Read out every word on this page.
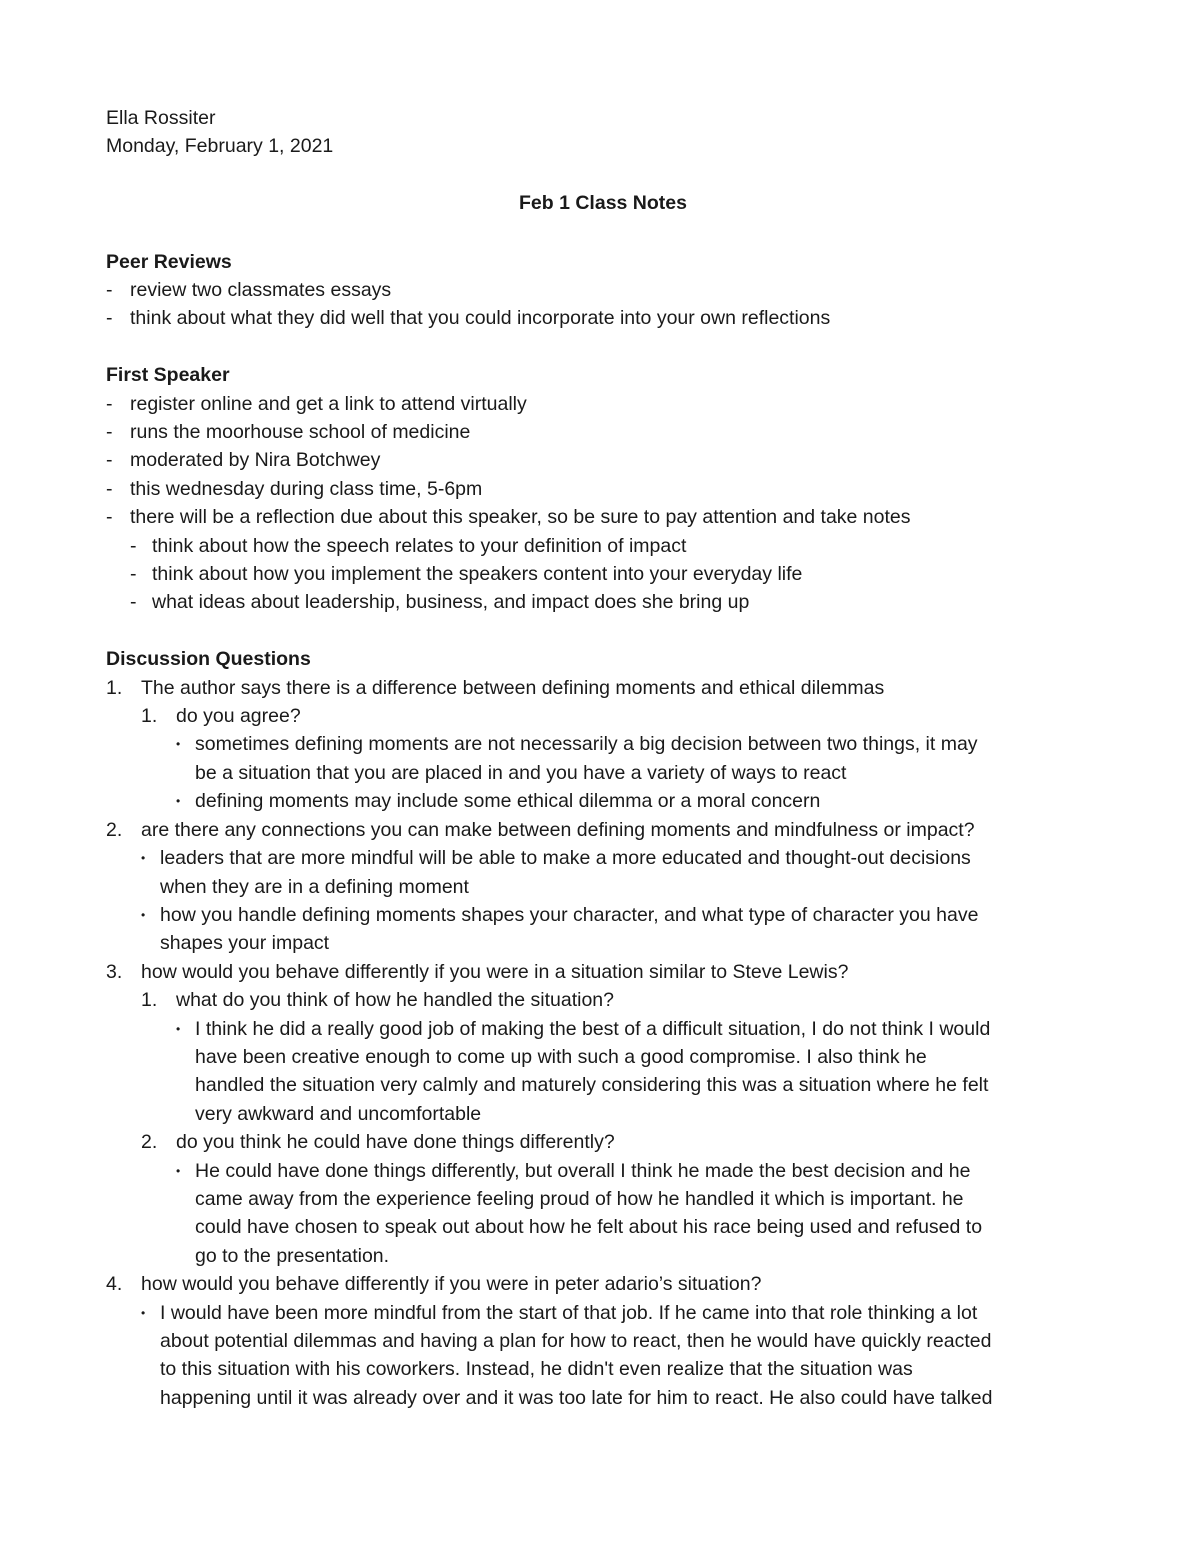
Ella Rossiter
Monday, February 1, 2021
Feb 1 Class Notes
Peer Reviews
- review two classmates essays
- think about what they did well that you could incorporate into your own reflections
First Speaker
- register online and get a link to attend virtually
- runs the moorhouse school of medicine
- moderated by Nira Botchwey
- this wednesday during class time, 5-6pm
- there will be a reflection due about this speaker, so be sure to pay attention and take notes
- think about how the speech relates to your definition of impact
- think about how you implement the speakers content into your everyday life
- what ideas about leadership, business, and impact does she bring up
Discussion Questions
1. The author says there is a difference between defining moments and ethical dilemmas
1. do you agree?
• sometimes defining moments are not necessarily a big decision between two things, it may
be a situation that you are placed in and you have a variety of ways to react
• defining moments may include some ethical dilemma or a moral concern
2. are there any connections you can make between defining moments and mindfulness or impact?
• leaders that are more mindful will be able to make a more educated and thought-out decisions
when they are in a defining moment
• how you handle defining moments shapes your character, and what type of character you have
shapes your impact
3. how would you behave differently if you were in a situation similar to Steve Lewis?
1. what do you think of how he handled the situation?
• I think he did a really good job of making the best of a difficult situation, I do not think I would
have been creative enough to come up with such a good compromise. I also think he
handled the situation very calmly and maturely considering this was a situation where he felt
very awkward and uncomfortable
2. do you think he could have done things differently?
• He could have done things differently, but overall I think he made the best decision and he
came away from the experience feeling proud of how he handled it which is important. he
could have chosen to speak out about how he felt about his race being used and refused to
go to the presentation.
4. how would you behave differently if you were in peter adario’s situation?
• I would have been more mindful from the start of that job. If he came into that role thinking a lot
about potential dilemmas and having a plan for how to react, then he would have quickly reacted
to this situation with his coworkers. Instead, he didn't even realize that the situation was
happening until it was already over and it was too late for him to react. He also could have talked
